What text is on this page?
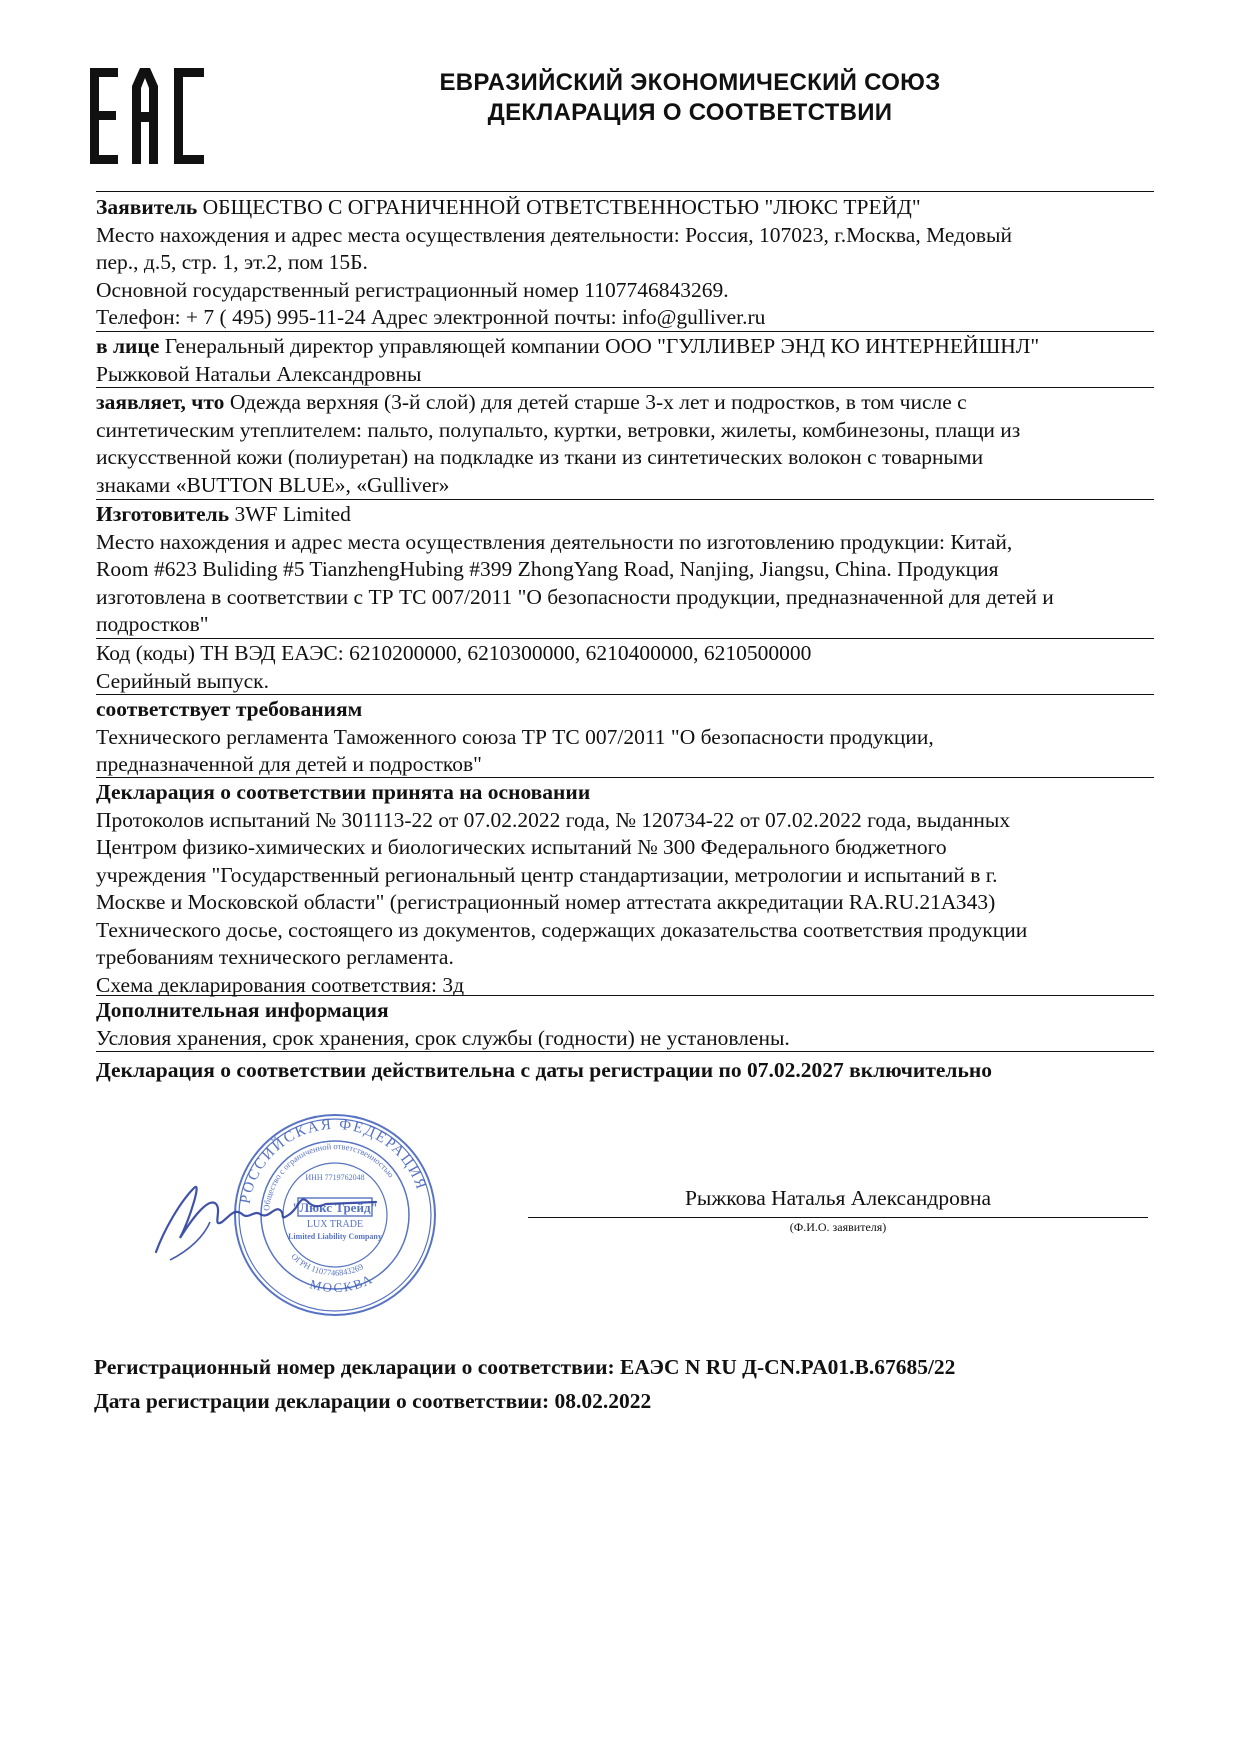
ЕВРАЗИЙСКИЙ ЭКОНОМИЧЕСКИЙ СОЮЗ
ДЕКЛАРАЦИЯ О СООТВЕТСТВИИ
Заявитель ОБЩЕСТВО С ОГРАНИЧЕННОЙ ОТВЕТСТВЕННОСТЬЮ "ЛЮКС ТРЕЙД"
Место нахождения и адрес места осуществления деятельности: Россия, 107023, г.Москва, Медовый
пер., д.5, стр. 1, эт.2, пом 15Б.
Основной государственный регистрационный номер 1107746843269.
Телефон: + 7 ( 495) 995-11-24 Адрес электронной почты: info@gulliver.ru
в лице Генеральный директор управляющей компании ООО "ГУЛЛИВЕР ЭНД КО ИНТЕРНЕЙШНЛ"
Рыжковой Натальи Александровны
заявляет, что Одежда верхняя (3-й слой) для детей старше 3-х лет и подростков, в том числе с
синтетическим утеплителем: пальто, полупальто, куртки, ветровки, жилеты, комбинезоны, плащи из
искусственной кожи (полиуретан) на подкладке из ткани из синтетических волокон с товарными
знаками «BUTTON BLUE», «Gulliver»
Изготовитель 3WF Limited
Место нахождения и адрес места осуществления деятельности по изготовлению продукции: Китай,
Room #623 Buliding #5 TianzhengHubing #399 ZhongYang Road, Nanjing, Jiangsu, China. Продукция
изготовлена в соответствии с ТР ТС 007/2011 "О безопасности продукции, предназначенной для детей и
подростков"
Код (коды) ТН ВЭД ЕАЭС: 6210200000, 6210300000, 6210400000, 6210500000
Серийный выпуск.
соответствует требованиям
Технического регламента Таможенного союза ТР ТС 007/2011 "О безопасности продукции,
предназначенной для детей и подростков"
Декларация о соответствии принята на основании
Протоколов испытаний № 301113-22 от 07.02.2022 года, № 120734-22 от 07.02.2022 года, выданных
Центром физико-химических и биологических испытаний № 300 Федерального бюджетного
учреждения "Государственный региональный центр стандартизации, метрологии и испытаний в г.
Москве и Московской области" (регистрационный номер аттестата аккредитации RA.RU.21АЗ43)
Технического досье, состоящего из документов, содержащих доказательства соответствия продукции
требованиям технического регламента.
Схема декларирования соответствия: 3д
Дополнительная информация
Условия хранения, срок хранения, срок службы (годности) не установлены.
Декларация о соответствии действительна с даты регистрации по 07.02.2027 включительно
РОССИЙСКАЯ ФЕДЕРАЦИЯ
МОСКВА
Общество с ограниченной ответственностью
ОГРН 1107746843269
ИНН 7719762048
"Люкс Трейд"
LUX TRADE
Limited Liability Company
Рыжкова Наталья Александровна
(Ф.И.О. заявителя)
Регистрационный номер декларации о соответствии: ЕАЭС N RU Д-CN.PA01.B.67685/22
Дата регистрации декларации о соответствии: 08.02.2022
